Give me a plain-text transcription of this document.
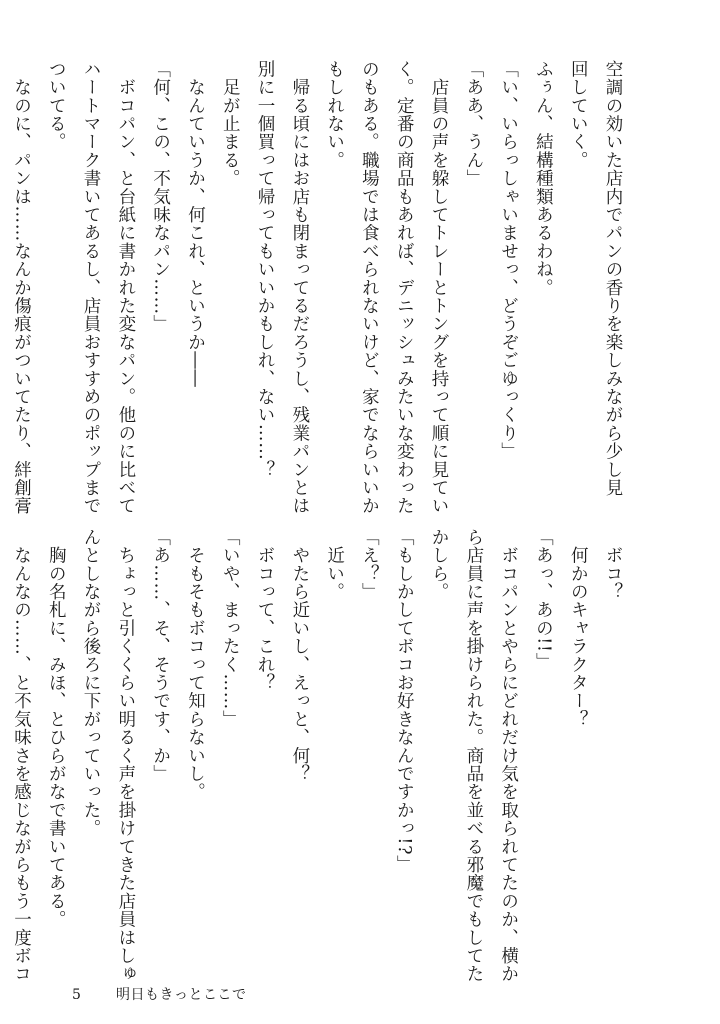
空調の効いた店内でパンの香りを楽しみながら少し見
回していく。
ふぅん、結構種類あるわね。
「い、いらっしゃいませっ、どうぞごゆっくり」
「ああ、うん」
　店員の声を躱してトレーとトングを持って順に見てい
く。定番の商品もあれば、デニッシュみたいな変わった
のもある。職場では食べられないけど、家でならいいか
もしれない。
　帰る頃にはお店も閉まってるだろうし、残業パンとは
別に一個買って帰ってもいいかもしれ、ない……？
　足が止まる。
　なんていうか、何これ、というか――
「何、この、不気味なパン……」
　ボコパン、と台紙に書かれた変なパン。他のに比べて
ハートマーク書いてあるし、店員おすすめのポップまで
ついてる。
　なのに、パンは……なんか傷痕がついてたり、絆創膏
　ボコ？
　何かのキャラクター？
「あっ、あの!!」
　ボコパンとやらにどれだけ気を取られてたのか、横か
ら店員に声を掛けられた。商品を並べる邪魔でもしてた
かしら。
「もしかしてボコお好きなんですかっ!?」
「え？」
　近い。
　やたら近いし、えっと、何？
　ボコって、これ？
「いや、まったく……」
　そもそもボコって知らないし。
「あ……、そ、そうです、か」
　ちょっと引くくらい明るく声を掛けてきた店員はしゅ
んとしながら後ろに下がっていった。
　胸の名札に、みほ、とひらがなで書いてある。
　なんなの……、と不気味さを感じながらもう一度ボコ
5 明日もきっとここで
